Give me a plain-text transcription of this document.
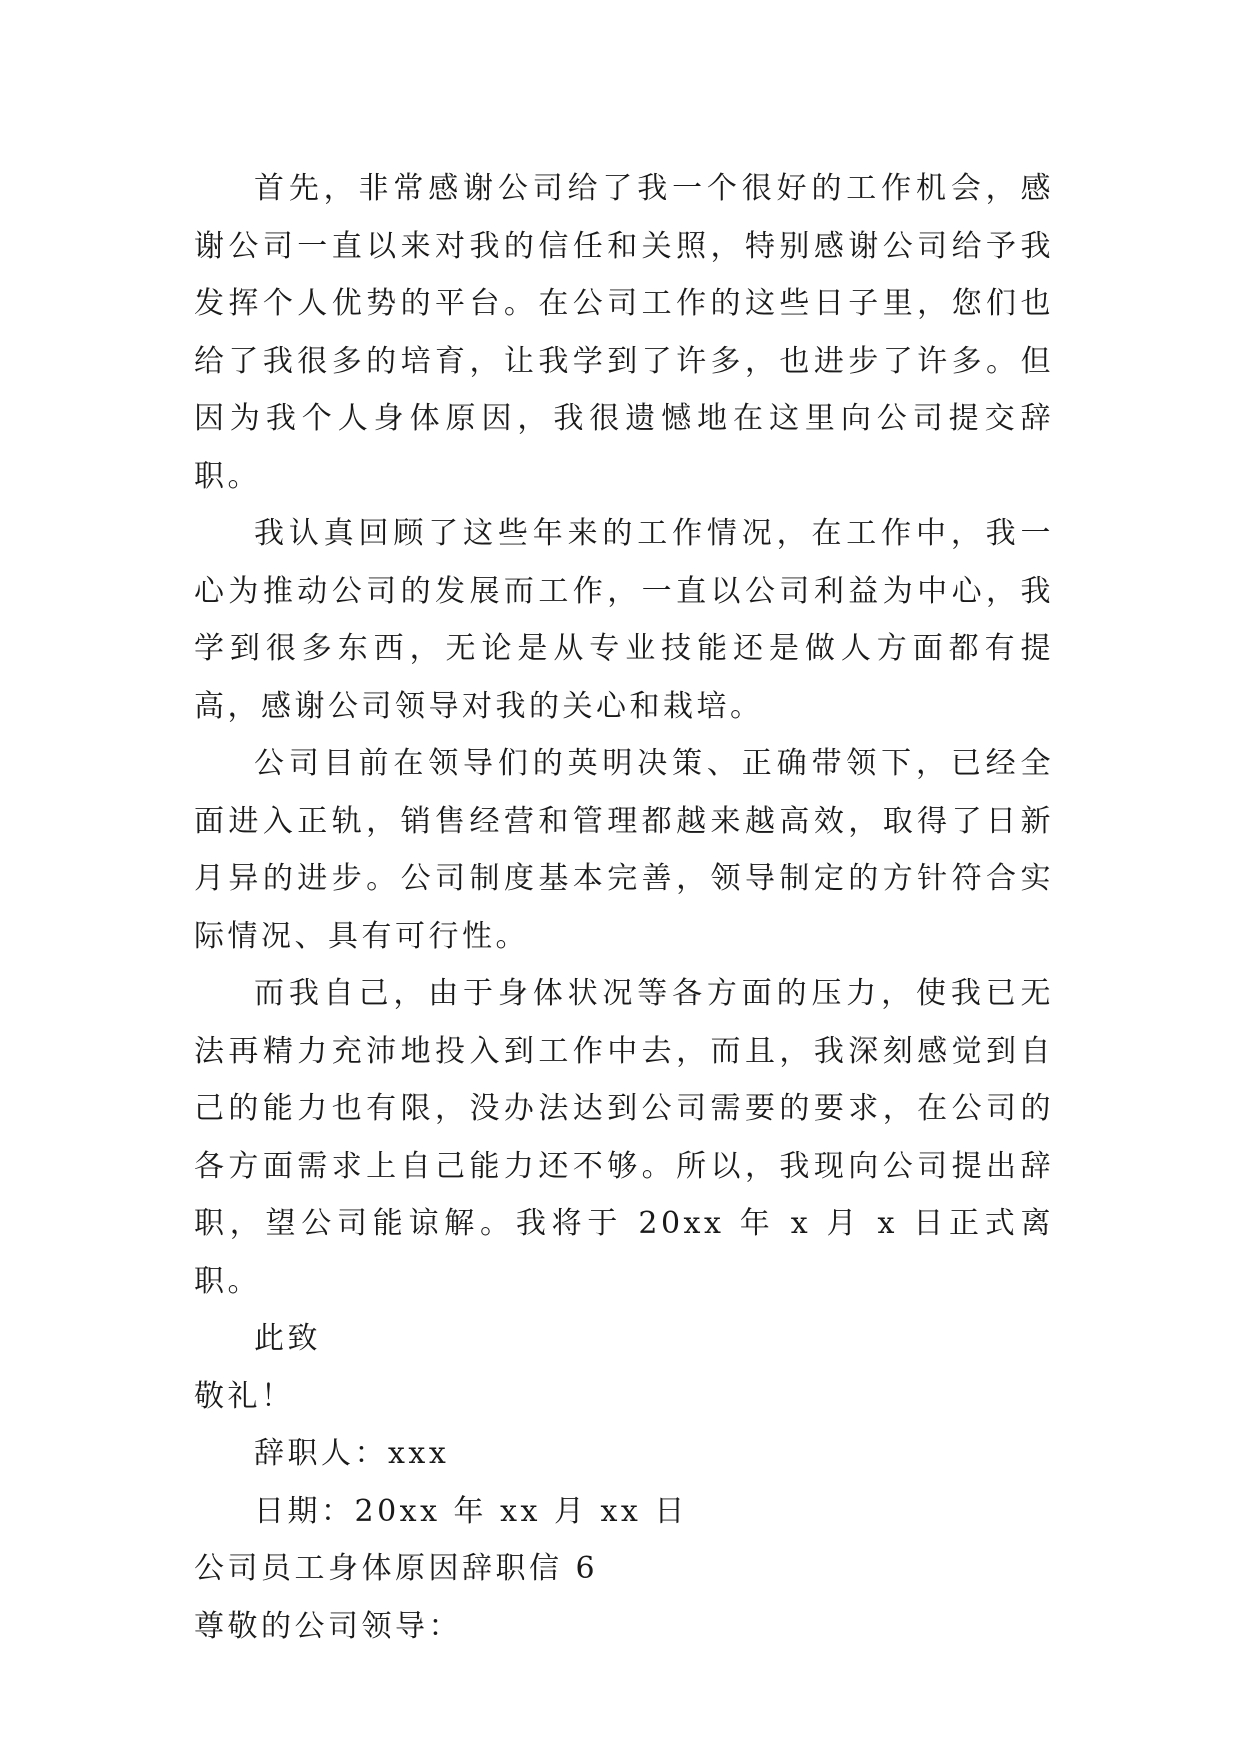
首先，非常感谢公司给了我一个很好的工作机会，感谢公司一直以来对我的信任和关照，特别感谢公司给予我发挥个人优势的平台。在公司工作的这些日子里，您们也给了我很多的培育，让我学到了许多，也进步了许多。但因为我个人身体原因，我很遗憾地在这里向公司提交辞职。

我认真回顾了这些年来的工作情况，在工作中，我一心为推动公司的发展而工作，一直以公司利益为中心，我学到很多东西，无论是从专业技能还是做人方面都有提高，感谢公司领导对我的关心和栽培。

公司目前在领导们的英明决策、正确带领下，已经全面进入正轨，销售经营和管理都越来越高效，取得了日新月异的进步。公司制度基本完善，领导制定的方针符合实际情况、具有可行性。

而我自己，由于身体状况等各方面的压力，使我已无法再精力充沛地投入到工作中去，而且，我深刻感觉到自己的能力也有限，没办法达到公司需要的要求，在公司的各方面需求上自己能力还不够。所以，我现向公司提出辞职，望公司能谅解。我将于 20xx 年 x 月 x 日正式离职。

此致

敬礼！

辞职人：xxx

日期：20xx 年 xx 月 xx 日

公司员工身体原因辞职信 6

尊敬的公司领导：
